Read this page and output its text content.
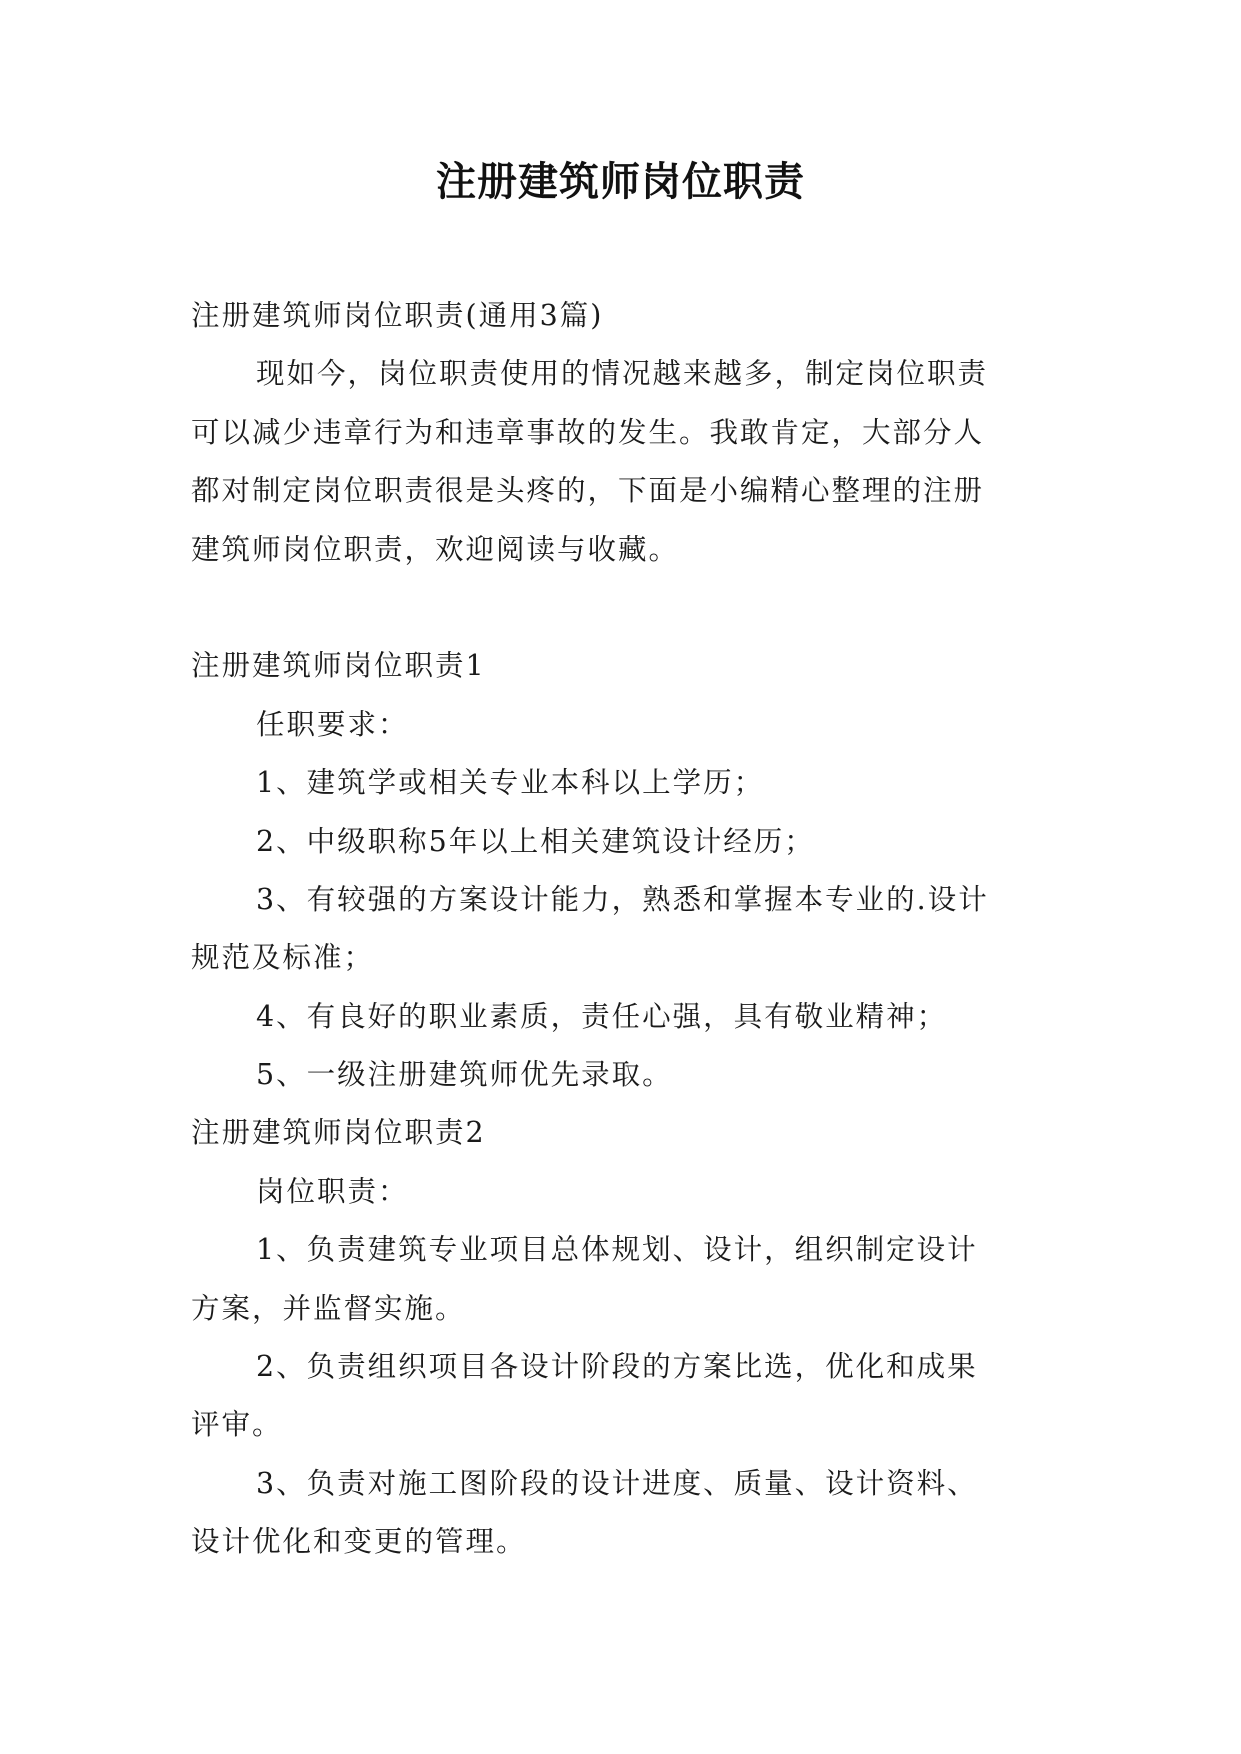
注册建筑师岗位职责
注册建筑师岗位职责(通用3篇)
现如今，岗位职责使用的情况越来越多，制定岗位职责
可以减少违章行为和违章事故的发生。我敢肯定，大部分人
都对制定岗位职责很是头疼的，下面是小编精心整理的注册
建筑师岗位职责，欢迎阅读与收藏。
注册建筑师岗位职责1
任职要求：
1、建筑学或相关专业本科以上学历；
2、中级职称5年以上相关建筑设计经历；
3、有较强的方案设计能力，熟悉和掌握本专业的.设计
规范及标准；
4、有良好的职业素质，责任心强，具有敬业精神；
5、一级注册建筑师优先录取。
注册建筑师岗位职责2
岗位职责：
1、负责建筑专业项目总体规划、设计，组织制定设计
方案，并监督实施。
2、负责组织项目各设计阶段的方案比选，优化和成果
评审。
3、负责对施工图阶段的设计进度、质量、设计资料、
设计优化和变更的管理。
